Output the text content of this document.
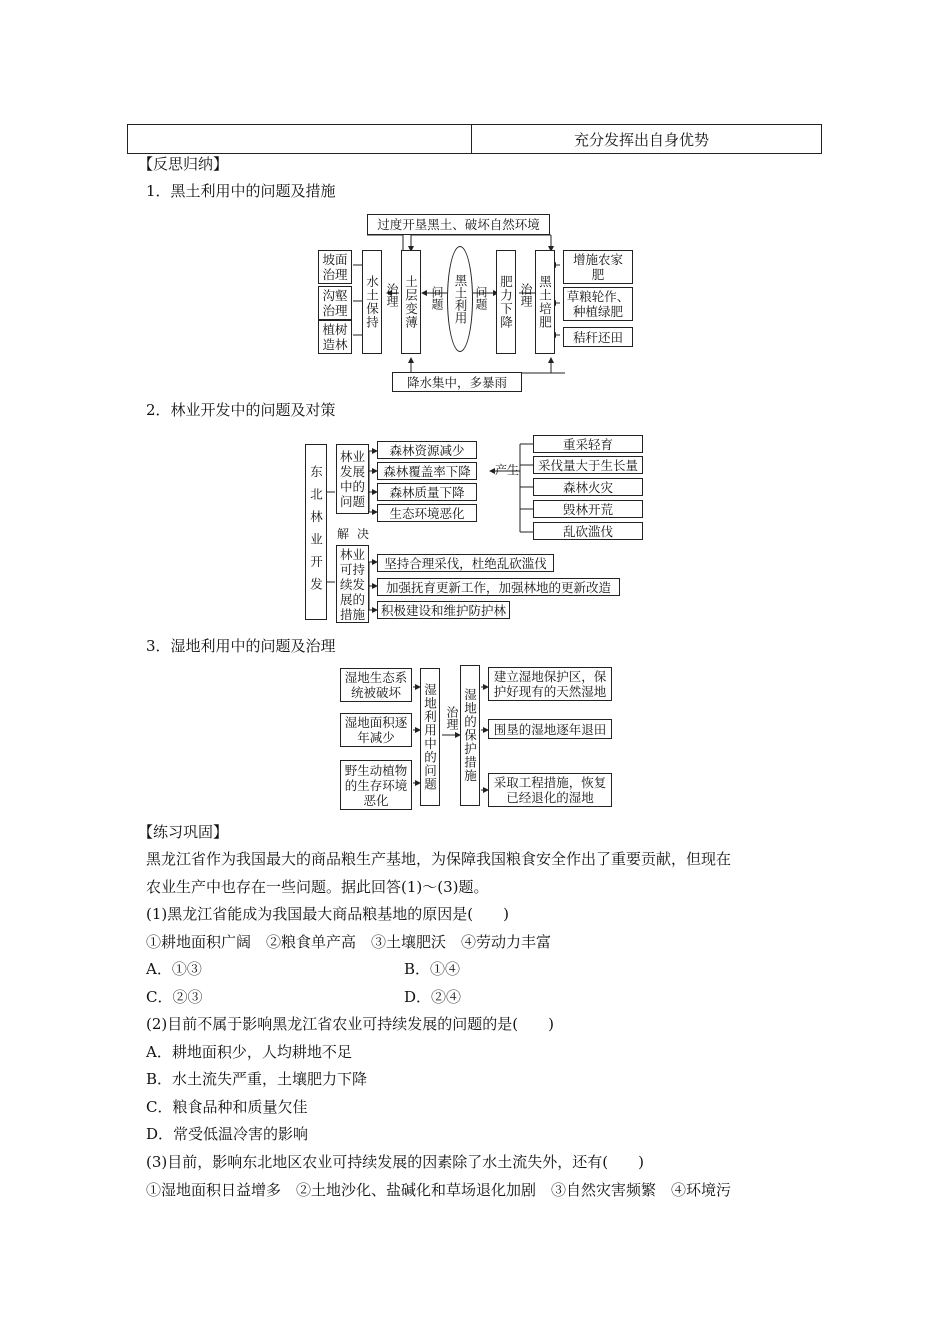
充分发挥出自身优势
【反思归纳】
1．黑土利用中的问题及措施
过度开垦黑土、破坏自然环境
坡面治理
沟壑治理
植树造林
水土保持 治理 土层变薄 问题 黑土利用 问题 肥力下降 治理 黑土培肥
增施农家肥
草粮轮作、种植绿肥
秸秆还田
降水集中，多暴雨
2．林业开发中的问题及对策
东北林业开发
林业发展中的问题
森林资源减少
森林覆盖率下降
森林质量下降
生态环境恶化
产生
重采轻育
采伐量大于生长量
森林火灾
毁林开荒
乱砍滥伐
解 决
林业可持续发展的措施
坚持合理采伐，杜绝乱砍滥伐
加强抚育更新工作，加强林地的更新改造
积极建设和维护防护林
3．湿地利用中的问题及治理
湿地生态系统被破坏
湿地面积逐年减少
野生动植物的生存环境恶化
湿地利用中的问题 治理 湿地的保护措施
建立湿地保护区，保护好现有的天然湿地
围垦的湿地逐年退田
采取工程措施，恢复已经退化的湿地
【练习巩固】
黑龙江省作为我国最大的商品粮生产基地，为保障我国粮食安全作出了重要贡献，但现在
农业生产中也存在一些问题。据此回答(1)～(3)题。
(1)黑龙江省能成为我国最大商品粮基地的原因是(　　)
①耕地面积广阔　②粮食单产高　③土壤肥沃　④劳动力丰富
A．①③	B．①④
C．②③	D．②④
(2)目前不属于影响黑龙江省农业可持续发展的问题的是(　　)
A．耕地面积少，人均耕地不足
B．水土流失严重，土壤肥力下降
C．粮食品种和质量欠佳
D．常受低温冷害的影响
(3)目前，影响东北地区农业可持续发展的因素除了水土流失外，还有(　　)
①湿地面积日益增多　②土地沙化、盐碱化和草场退化加剧　③自然灾害频繁　④环境污
